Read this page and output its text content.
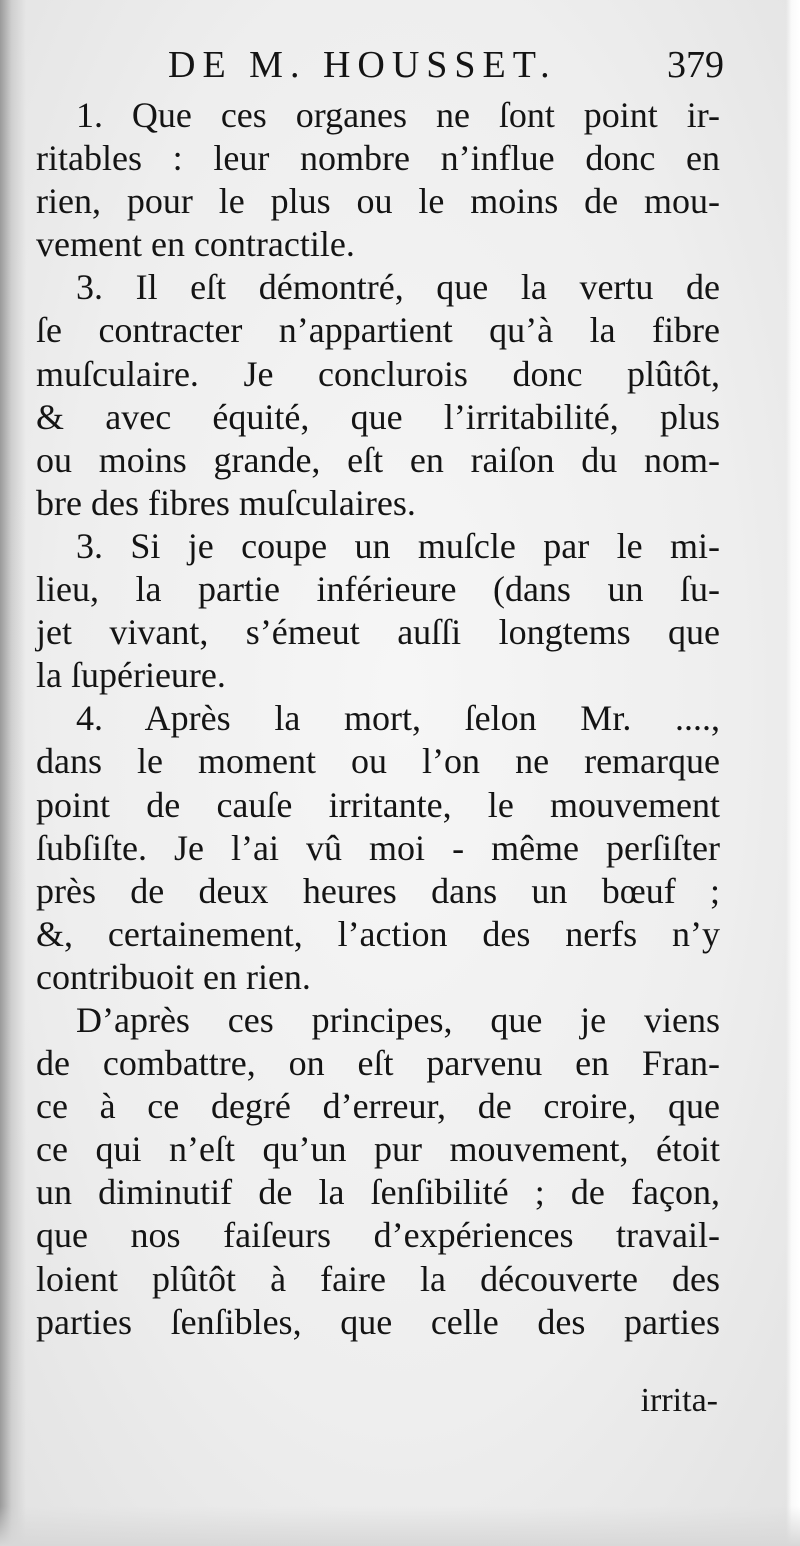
DE M. HOUSSET.	379

1. Que ces organes ne ſont point ir-
ritables : leur nombre n’influe donc en
rien, pour le plus ou le moins de mou-
vement en contractile.

3. Il eſt démontré, que la vertu de
ſe contracter n’appartient qu’à la fibre
muſculaire. Je conclurois donc plûtôt,
& avec équité, que l’irritabilité, plus
ou moins grande, eſt en raiſon du nom-
bre des fibres muſculaires.

3. Si je coupe un muſcle par le mi-
lieu, la partie inférieure (dans un ſu-
jet vivant, s’émeut auſſi longtems que
la ſupérieure.

4. Après la mort, ſelon Mr. ....,
dans le moment ou l’on ne remarque
point de cauſe irritante, le mouvement
ſubſiſte. Je l’ai vû moi - même perſiſter
près de deux heures dans un bœuf ;
&, certainement, l’action des nerfs n’y
contribuoit en rien.

D’après ces principes, que je viens
de combattre, on eſt parvenu en Fran-
ce à ce degré d’erreur, de croire, que
ce qui n’eſt qu’un pur mouvement, étoit
un diminutif de la ſenſibilité ; de façon,
que nos faiſeurs d’expériences travail-
loient plûtôt à faire la découverte des
parties ſenſibles, que celle des parties

irrita-
